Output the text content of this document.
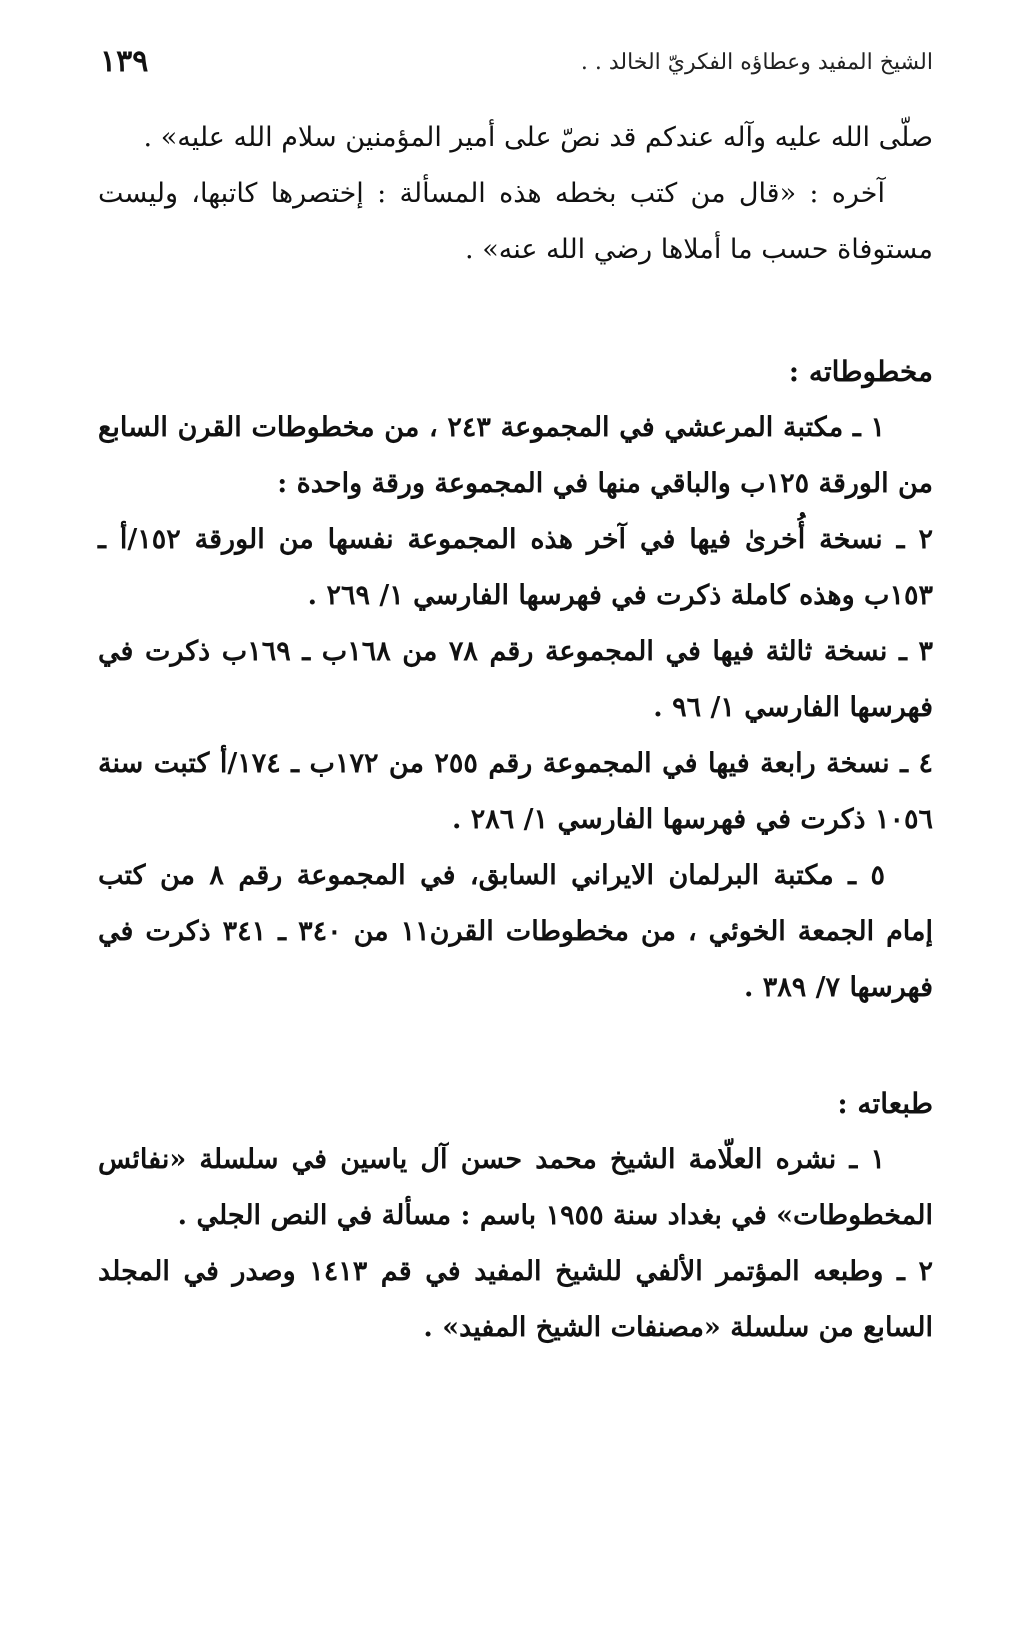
الشيخ المفيد وعطاؤه الفكريّ الخالد . .
١٣٩

صلّى الله عليه وآله عندكم قد نصّ على أمير المؤمنين سلام الله عليه» .

آخره : «قال من كتب بخطه هذه المسألة : إختصرها كاتبها، وليست مستوفاة حسب ما أملاها رضي الله عنه» .

مخطوطاته :

١ ـ مكتبة المرعشي في المجموعة ٢٤٣ ، من مخطوطات القرن السابع من الورقة ١٢٥ب والباقي منها في المجموعة ورقة واحدة :

٢ ـ نسخة أُخرىٰ فيها في آخر هذه المجموعة نفسها من الورقة ١٥٢/أ ـ ١٥٣ب وهذه كاملة ذكرت في فهرسها الفارسي ١/ ٢٦٩ .

٣ ـ نسخة ثالثة فيها في المجموعة رقم ٧٨ من ١٦٨ب ـ ١٦٩ب ذكرت في فهرسها الفارسي ١/ ٩٦ .

٤ ـ نسخة رابعة فيها في المجموعة رقم ٢٥٥ من ١٧٢ب ـ ١٧٤/أ كتبت سنة ١٠٥٦ ذكرت في فهرسها الفارسي ١/ ٢٨٦ .

٥ ـ مكتبة البرلمان الايراني السابق، في المجموعة رقم ٨ من كتب إمام الجمعة الخوئي ، من مخطوطات القرن١١ من ٣٤٠ ـ ٣٤١ ذكرت في فهرسها ٧/ ٣٨٩ .

طبعاته :

١ ـ نشره العلّامة الشيخ محمد حسن آل ياسين في سلسلة «نفائس المخطوطات» في بغداد سنة ١٩٥٥ باسم : مسألة في النص الجلي .

٢ ـ وطبعه المؤتمر الألفي للشيخ المفيد في قم ١٤١٣ وصدر في المجلد السابع من سلسلة «مصنفات الشيخ المفيد» .
